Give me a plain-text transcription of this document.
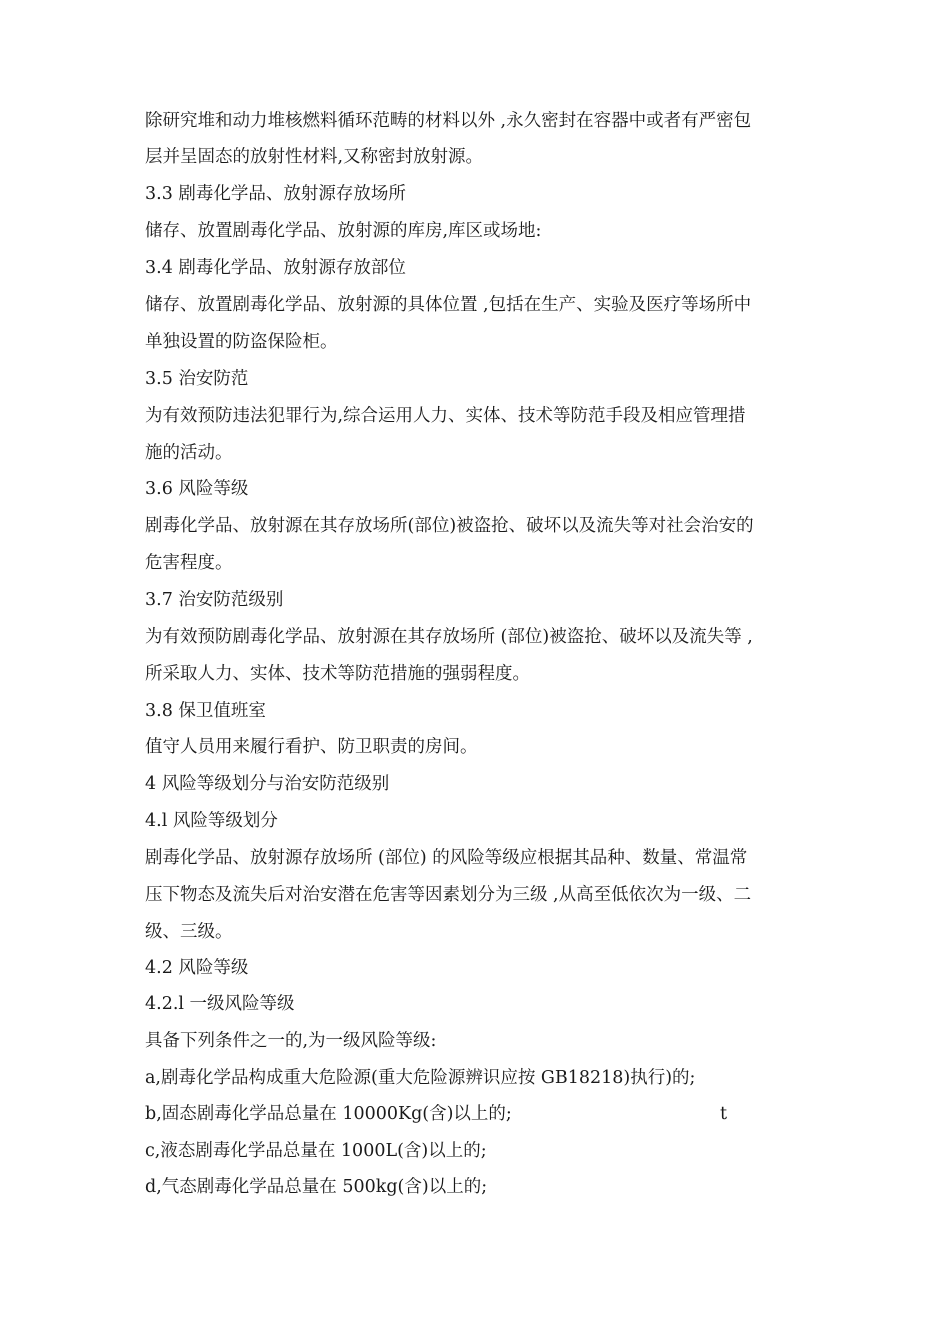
除研究堆和动力堆核燃料循环范畴的材料以外 ,永久密封在容器中或者有严密包
层并呈固态的放射性材料,又称密封放射源。
3.3 剧毒化学品、放射源存放场所
储存、放置剧毒化学品、放射源的库房,库区或场地:
3.4 剧毒化学品、放射源存放部位
储存、放置剧毒化学品、放射源的具体位置 ,包括在生产、实验及医疗等场所中
单独设置的防盗保险柜。
3.5 治安防范
为有效预防违法犯罪行为,综合运用人力、实体、技术等防范手段及相应管理措
施的活动。
3.6 风险等级
剧毒化学品、放射源在其存放场所(部位)被盗抢、破坏以及流失等对社会治安的
危害程度。
3.7 治安防范级别
为有效预防剧毒化学品、放射源在其存放场所 (部位)被盗抢、破坏以及流失等 ,
所采取人力、实体、技术等防范措施的强弱程度。
3.8 保卫值班室
值守人员用来履行看护、防卫职责的房间。
4 风险等级划分与治安防范级别
4.l 风险等级划分
剧毒化学品、放射源存放场所 (部位) 的风险等级应根据其品种、数量、常温常
压下物态及流失后对治安潜在危害等因素划分为三级 ,从高至低依次为一级、二
级、三级。
4.2 风险等级
4.2.l 一级风险等级
具备下列条件之一的,为一级风险等级:
a,剧毒化学品构成重大危险源(重大危险源辨识应按 GB18218)执行)的;
b,固态剧毒化学品总量在 10000Kg(含)以上的;	t
c,液态剧毒化学品总量在 1000L(含)以上的;
d,气态剧毒化学品总量在 500kg(含)以上的;
